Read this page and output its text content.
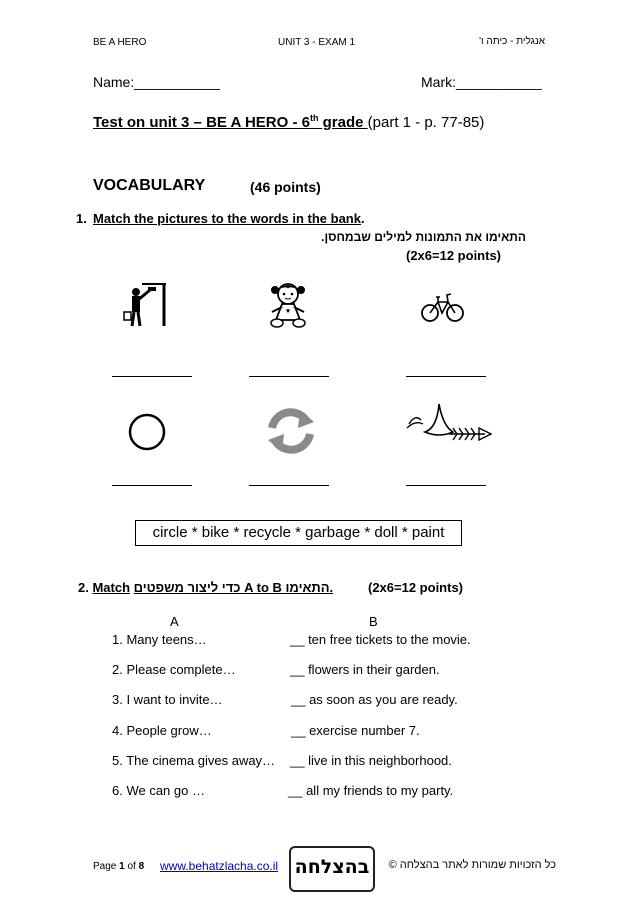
BE A HERO	UNIT 3 - EXAM 1	אנגלית - כיתה ו'
Name:___________	Mark:___________
Test on unit 3 – BE A HERO - 6th grade (part 1 - p. 77-85)
VOCABULARY	(46 points)
1. Match the pictures to the words in the bank.
התאימו את התמונות למילים שבמחסן.
(2x6=12 points)
circle * bike * recycle * garbage * doll * paint
2. Match .התאימו A to B כדי ליצור משפטים	(2x6=12 points)
A	B
1. Many teens…	__ ten free tickets to the movie.
2. Please complete…	__ flowers in their garden.
3. I want to invite…	__ as soon as you are ready.
4. People grow…	__ exercise number 7.
5. The cinema gives away… __ live in this neighborhood.
6. We can go …	__ all my friends to my party.
Page 1 of 8 www.behatzlacha.co.il בהצלחה	כל הזכויות שמורות לאתר בהצלחה ©
